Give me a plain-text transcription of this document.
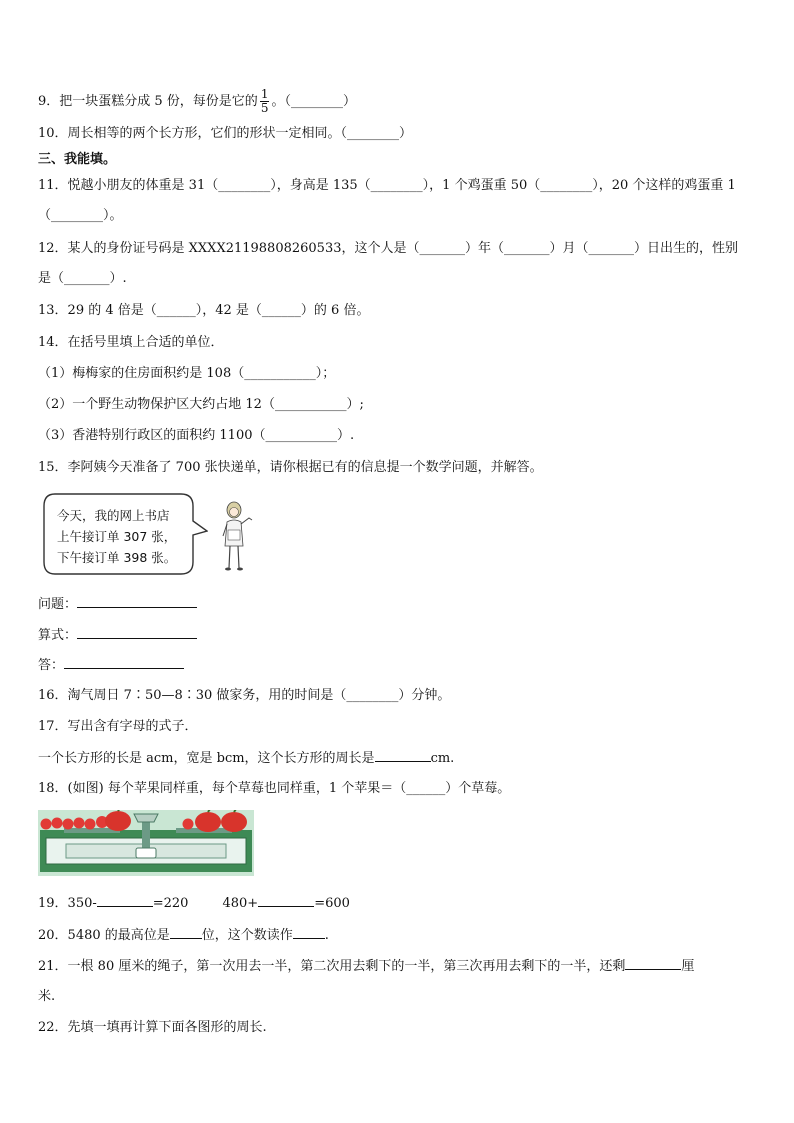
9．把一块蛋糕分成 5 份，每份是它的 $\frac{1}{5}$ 。（________）
10．周长相等的两个长方形，它们的形状一定相同。（________）
三、我能填。
11．悦越小朋友的体重是 31（________），身高是 135（________），1 个鸡蛋重 50（________），20 个这样的鸡蛋重 1
（________）。
12．某人的身份证号码是 XXXX21198808260533，这个人是（_______）年（_______）月（_______）日出生的，性别
是（_______）.
13．29 的 4 倍是（______），42 是（______）的 6 倍。
14．在括号里填上合适的单位．
（1）梅梅家的住房面积约是 108（___________）；
（2）一个野生动物保护区大约占地 12（___________）;
（3）香港特别行政区的面积约 1100（___________）.
15．李阿姨今天准备了 700 张快递单，请你根据已有的信息提一个数学问题，并解答。
今天，我的网上书店
上午接订单 307 张，
下午接订单 398 张。
问题：
算式：
答：
16．淘气周日 7∶50—8∶30 做家务，用的时间是（________）分钟。
17．写出含有字母的式子．
一个长方形的长是 acm，宽是 bcm，这个长方形的周长是	cm.
18．(如图) 每个苹果同样重，每个草莓也同样重，1 个苹果＝（______）个草莓。
19．350-	=220	480+	=600
20．5480 的最高位是 位，这个数读作 .
21．一根 80 厘米的绳子，第一次用去一半，第二次用去剩下的一半，第三次再用去剩下的一半，还剩	厘
米.
22．先填一填再计算下面各图形的周长.
